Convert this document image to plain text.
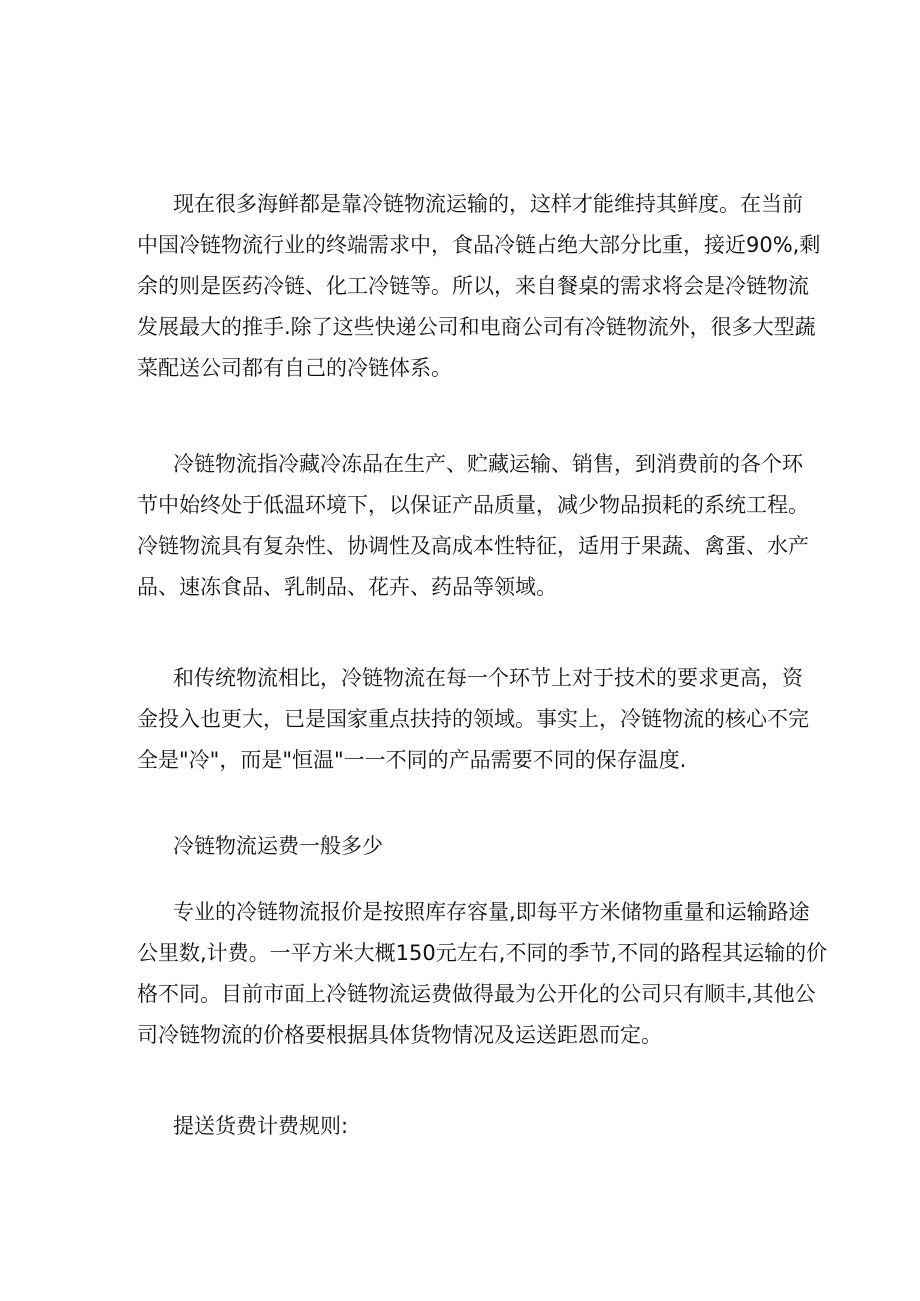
现在很多海鲜都是靠冷链物流运输的，这样才能维持其鲜度。在当前
中国冷链物流行业的终端需求中，食品冷链占绝大部分比重，接近90%,剩
余的则是医药冷链、化工冷链等。所以，来自餐桌的需求将会是冷链物流
发展最大的推手.除了这些快递公司和电商公司有冷链物流外，很多大型蔬
菜配送公司都有自己的冷链体系。
冷链物流指冷藏冷冻品在生产、贮藏运输、销售，到消费前的各个环
节中始终处于低温环境下，以保证产品质量，减少物品损耗的系统工程。
冷链物流具有复杂性、协调性及高成本性特征，适用于果蔬、禽蛋、水产
品、速冻食品、乳制品、花卉、药品等领域。
和传统物流相比，冷链物流在每一个环节上对于技术的要求更高，资
金投入也更大，已是国家重点扶持的领域。事实上，冷链物流的核心不完
全是"冷"，而是"恒温"一一不同的产品需要不同的保存温度.
冷链物流运费一般多少
专业的冷链物流报价是按照库存容量,即每平方米储物重量和运输路途
公里数,计费。一平方米大概150元左右,不同的季节,不同的路程其运输的价
格不同。目前市面上冷链物流运费做得最为公开化的公司只有顺丰,其他公
司冷链物流的价格要根据具体货物情况及运送距恩而定。
提送货费计费规则:
